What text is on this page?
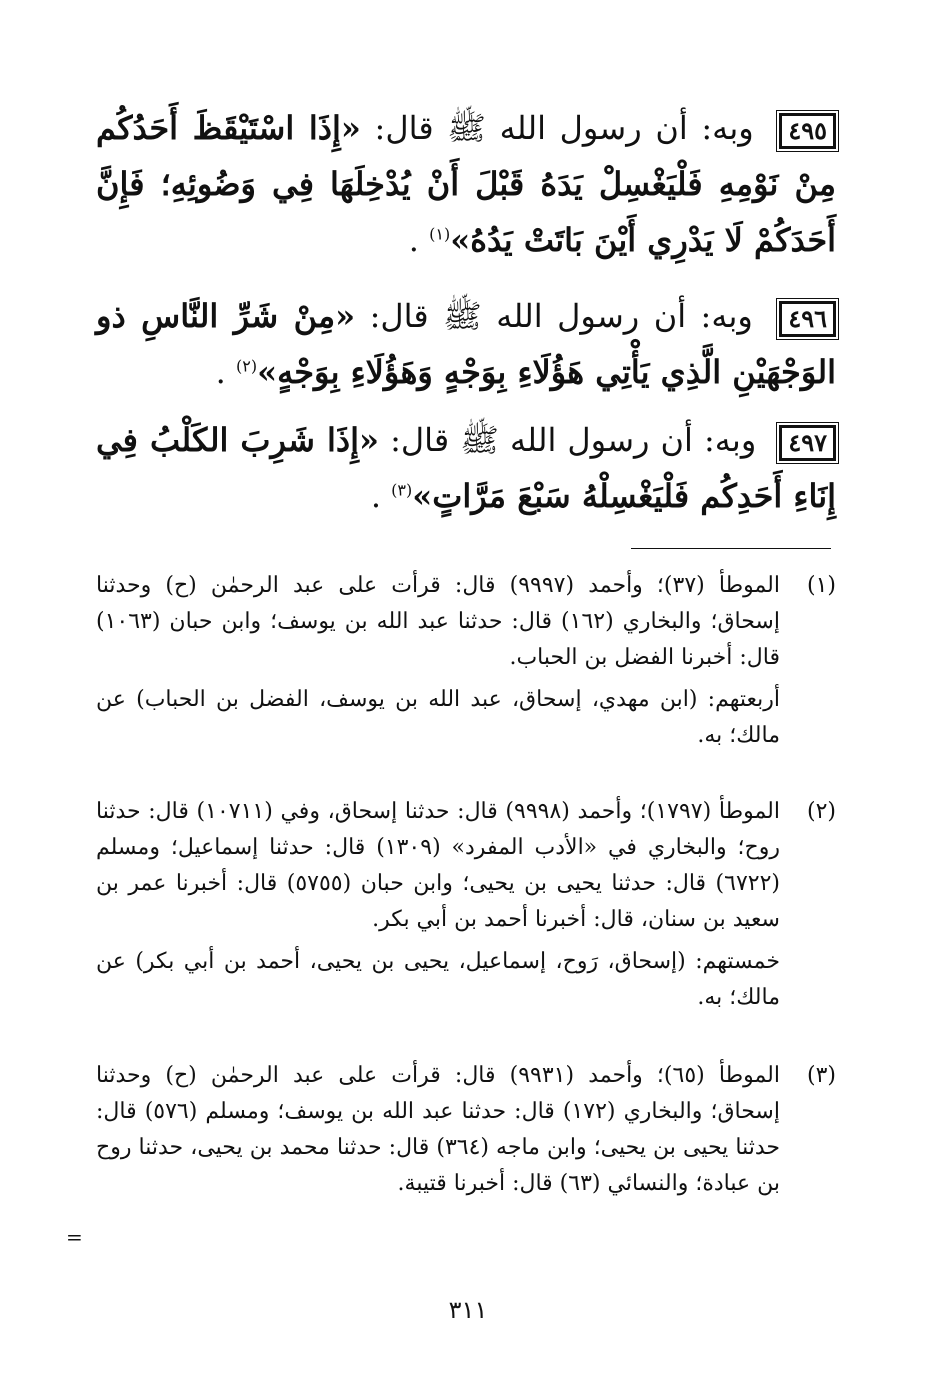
٤٩٥ وبه: أن رسول الله ﷺ قال: «إِذَا اسْتَيْقَظَ أَحَدُكُم مِنْ نَوْمِهِ فَلْيَغْسِلْ يَدَهُ قَبْلَ أَنْ يُدْخِلَهَا فِي وَضُوئِهِ؛ فَإِنَّ أَحَدَكُمْ لَا يَدْرِي أَيْنَ بَاتَتْ يَدُهُ»$^{(١)}$ .
٤٩٦ وبه: أن رسول الله ﷺ قال: «مِنْ شَرِّ النَّاسِ ذو الوَجْهَيْنِ الَّذِي يَأْتِي هَؤُلَاءِ بِوَجْهٍ وَهَؤُلَاءِ بِوَجْهٍ»$^{(٢)}$ .
٤٩٧ وبه: أن رسول الله ﷺ قال: «إِذَا شَرِبَ الكَلْبُ فِي إِنَاءِ أَحَدِكُم فَلْيَغْسِلْهُ سَبْعَ مَرَّاتٍ»$^{(٣)}$ .
(١)

الموطأ (٣٧)؛ وأحمد (٩٩٩٧) قال: قرأت على عبد الرحمٰن (ح) وحدثنا إسحاق؛ والبخاري (١٦٢) قال: حدثنا عبد الله بن يوسف؛ وابن حبان (١٠٦٣) قال: أخبرنا الفضل بن الحباب.

أربعتهم: (ابن مهدي، إسحاق، عبد الله بن يوسف، الفضل بن الحباب) عن مالك؛ به.

(٢)

الموطأ (١٧٩٧)؛ وأحمد (٩٩٩٨) قال: حدثنا إسحاق، وفي (١٠٧١١) قال: حدثنا روح؛ والبخاري في «الأدب المفرد» (١٣٠٩) قال: حدثنا إسماعيل؛ ومسلم (٦٧٢٢) قال: حدثنا يحيى بن يحيى؛ وابن حبان (٥٧٥٥) قال: أخبرنا عمر بن سعيد بن سنان، قال: أخبرنا أحمد بن أبي بكر.

خمستهم: (إسحاق، رَوح، إسماعيل، يحيى بن يحيى، أحمد بن أبي بكر) عن مالك؛ به.

(٣)

الموطأ (٦٥)؛ وأحمد (٩٩٣١) قال: قرأت على عبد الرحمٰن (ح) وحدثنا إسحاق؛ والبخاري (١٧٢) قال: حدثنا عبد الله بن يوسف؛ ومسلم (٥٧٦) قال: حدثنا يحيى بن يحيى؛ وابن ماجه (٣٦٤) قال: حدثنا محمد بن يحيى، حدثنا روح بن عبادة؛ والنسائي (٦٣) قال: أخبرنا قتيبة.

=
٣١١
